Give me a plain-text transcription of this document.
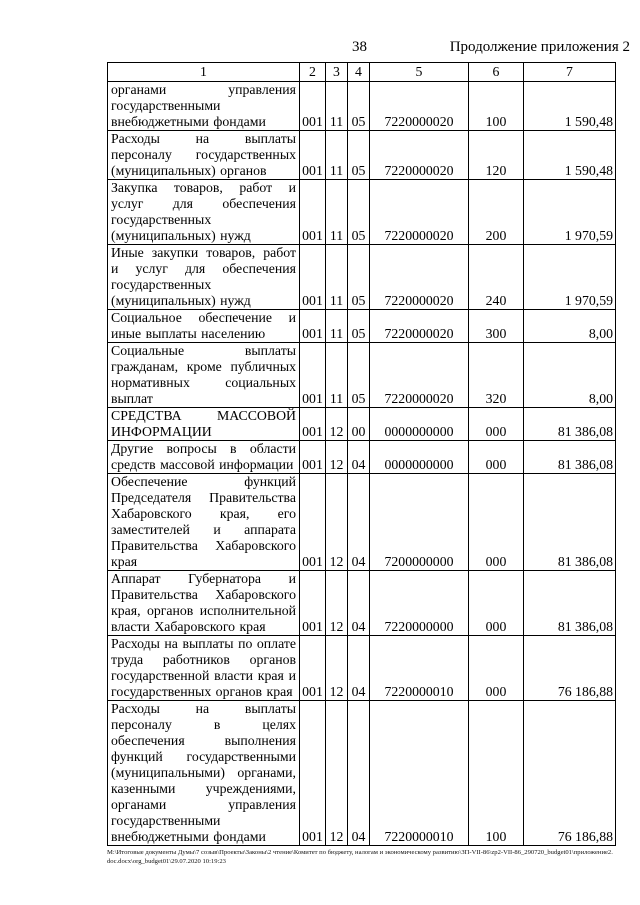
38	Продолжение приложения 2
1	2	3	4	5	6	7
органами управления государственными внебюджетными фондами	001	11	05	7220000020	100	1 590,48
Расходы на выплаты персоналу государственных (муниципальных) органов	001	11	05	7220000020	120	1 590,48
Закупка товаров, работ и услуг для обеспечения государственных (муниципальных) нужд	001	11	05	7220000020	200	1 970,59
Иные закупки товаров, работ и услуг для обеспечения государственных (муниципальных) нужд	001	11	05	7220000020	240	1 970,59
Социальное обеспечение и иные выплаты населению	001	11	05	7220000020	300	8,00
Социальные выплаты гражданам, кроме публичных нормативных социальных выплат	001	11	05	7220000020	320	8,00
СРЕДСТВА МАССОВОЙ ИНФОРМАЦИИ	001	12	00	0000000000	000	81 386,08
Другие вопросы в области средств массовой информации	001	12	04	0000000000	000	81 386,08
Обеспечение функций Председателя Правительства Хабаровского края, его заместителей и аппарата Правительства Хабаровского края	001	12	04	7200000000	000	81 386,08
Аппарат Губернатора и Правительства Хабаровского края, органов исполнительной власти Хабаровского края	001	12	04	7220000000	000	81 386,08
Расходы на выплаты по оплате труда работников органов государственной власти края и государственных органов края	001	12	04	7220000010	000	76 186,88
Расходы на выплаты персоналу в целях обеспечения выполнения функций государственными (муниципальными) органами, казенными учреждениями, органами управления государственными внебюджетными фондами	001	12	04	7220000010	100	76 186,88
M:\Итоговые документы Думы\7 созыв\Проекты\Законы\2 чтение\Комитет по бюджету, налогам и экономическому развитию\ЗП-VII-86\zp2-VII-86_290720_budget01\приложение2.doc.docx\org_budget01\29.07.2020 10:19:23
